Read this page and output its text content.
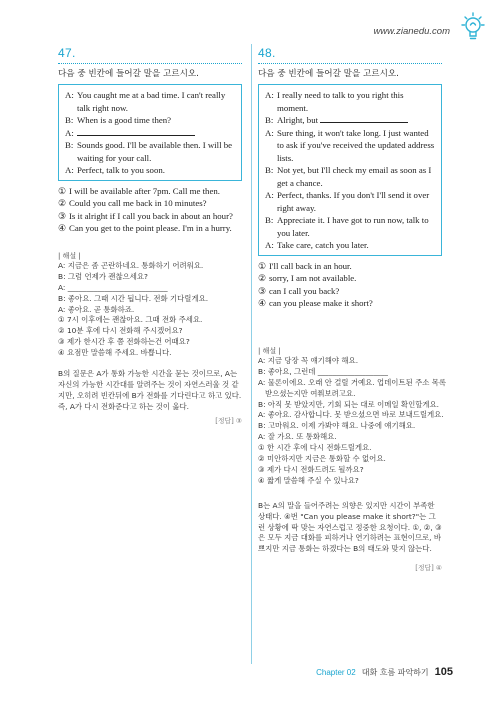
www.zianedu.com
47.
다음 중 빈칸에 들어갈 말을 고르시오.
A: You caught me at a bad time. I can't really talk right now.
B: When is a good time then?
A:
B: Sounds good. I'll be available then. I will be waiting for your call.
A: Perfect, talk to you soon.
① I will be available after 7pm. Call me then.
② Could you call me back in 10 minutes?
③ Is it alright if I call you back in about an hour?
④ Can you get to the point please. I'm in a hurry.
| 해설 |
A: 지금은 좀 곤란하네요. 통화하기 어려워요.
B: 그럼 언제가 괜찮으세요?
A: ___________________________
B: 좋아요. 그때 시간 됩니다. 전화 기다릴게요.
A: 좋아요. 곧 통화하죠.
① 7시 이후에는 괜찮아요. 그때 전화 주세요.
② 10분 후에 다시 전화해 주시겠어요?
③ 제가 한시간 후 쯤 전화하는건 어때요?
④ 요점만 말씀해 주세요. 바쁩니다.
B의 질문은 A가 통화 가능한 시간을 묻는 것이므로, A는 자신의 가능한 시간대를 알려주는 것이 자연스러울 것 같지만, 오히려 빈칸뒤에 B가 전화를 기다린다고 하고 있다. 즉, A가 다시 전화준다고 하는 것이 옳다.
[정답] ③
48.
다음 중 빈칸에 들어갈 말을 고르시오.
A: I really need to talk to you right this moment.
B: Alright, but
A: Sure thing, it won't take long. I just wanted to ask if you've received the updated address lists.
B: Not yet, but I'll check my email as soon as I get a chance.
A: Perfect, thanks. If you don't I'll send it over right away.
B: Appreciate it. I have got to run now, talk to you later.
A: Take care, catch you later.
① I'll call back in an hour.
② sorry, I am not available.
③ can I call you back?
④ can you please make it short?
| 해설 |
A: 지금 당장 꼭 얘기해야 해요.
B: 좋아요, 그런데 ___________________
A: 물론이에요. 오래 안 걸릴 거예요. 업데이트된 주소 목록
받으셨는지만 여쭤보려고요.
B: 아직 못 받았지만, 기회 되는 대로 이메일 확인할게요.
A: 좋아요. 감사합니다. 못 받으셨으면 바로 보내드릴게요.
B: 고마워요. 이제 가봐야 해요. 나중에 얘기해요.
A: 잘 가요. 또 통화해요.
① 한 시간 후에 다시 전화드릴게요.
② 미안하지만 지금은 통화할 수 없어요.
③ 제가 다시 전화드려도 될까요?
④ 짧게 말씀해 주실 수 있나요?
B는 A의 말을 들어주려는 의향은 있지만 시간이 부족한 상태다. ④번 "Can you please make it short?"는 그런 상황에 딱 맞는 자연스럽고 정중한 요청이다. ①, ②, ③은 모두 지금 대화를 피하거나 연기하려는 표현이므로, 바쁘지만 지금 통화는 하겠다는 B의 태도와 맞지 않는다.
[정답] ④
Chapter 02 대화 흐름 파악하기 105
